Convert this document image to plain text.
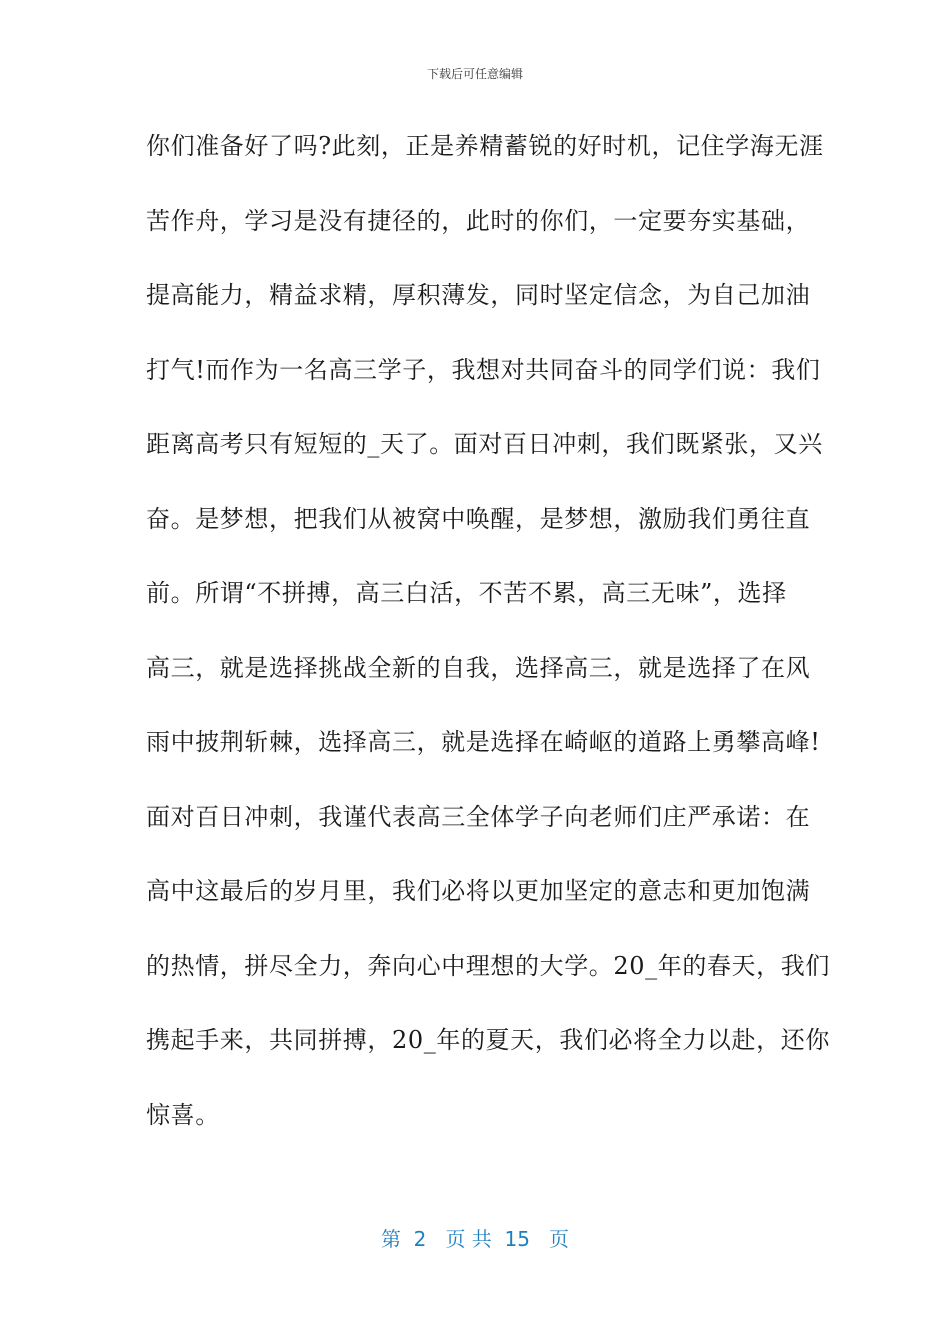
下载后可任意编辑
你们准备好了吗?此刻，正是养精蓄锐的好时机，记住学海无涯
苦作舟，学习是没有捷径的，此时的你们，一定要夯实基础，
提高能力，精益求精，厚积薄发，同时坚定信念，为自己加油
打气!而作为一名高三学子，我想对共同奋斗的同学们说：我们
距离高考只有短短的_天了。面对百日冲刺，我们既紧张，又兴
奋。是梦想，把我们从被窝中唤醒，是梦想，激励我们勇往直
前。所谓“不拼搏，高三白活，不苦不累，高三无味”，选择
高三，就是选择挑战全新的自我，选择高三，就是选择了在风
雨中披荆斩棘，选择高三，就是选择在崎岖的道路上勇攀高峰!
面对百日冲刺，我谨代表高三全体学子向老师们庄严承诺：在
高中这最后的岁月里，我们必将以更加坚定的意志和更加饱满
的热情，拼尽全力，奔向心中理想的大学。20_年的春天，我们
携起手来，共同拼搏，20_年的夏天，我们必将全力以赴，还你
惊喜。
第  2   页 共  15   页
